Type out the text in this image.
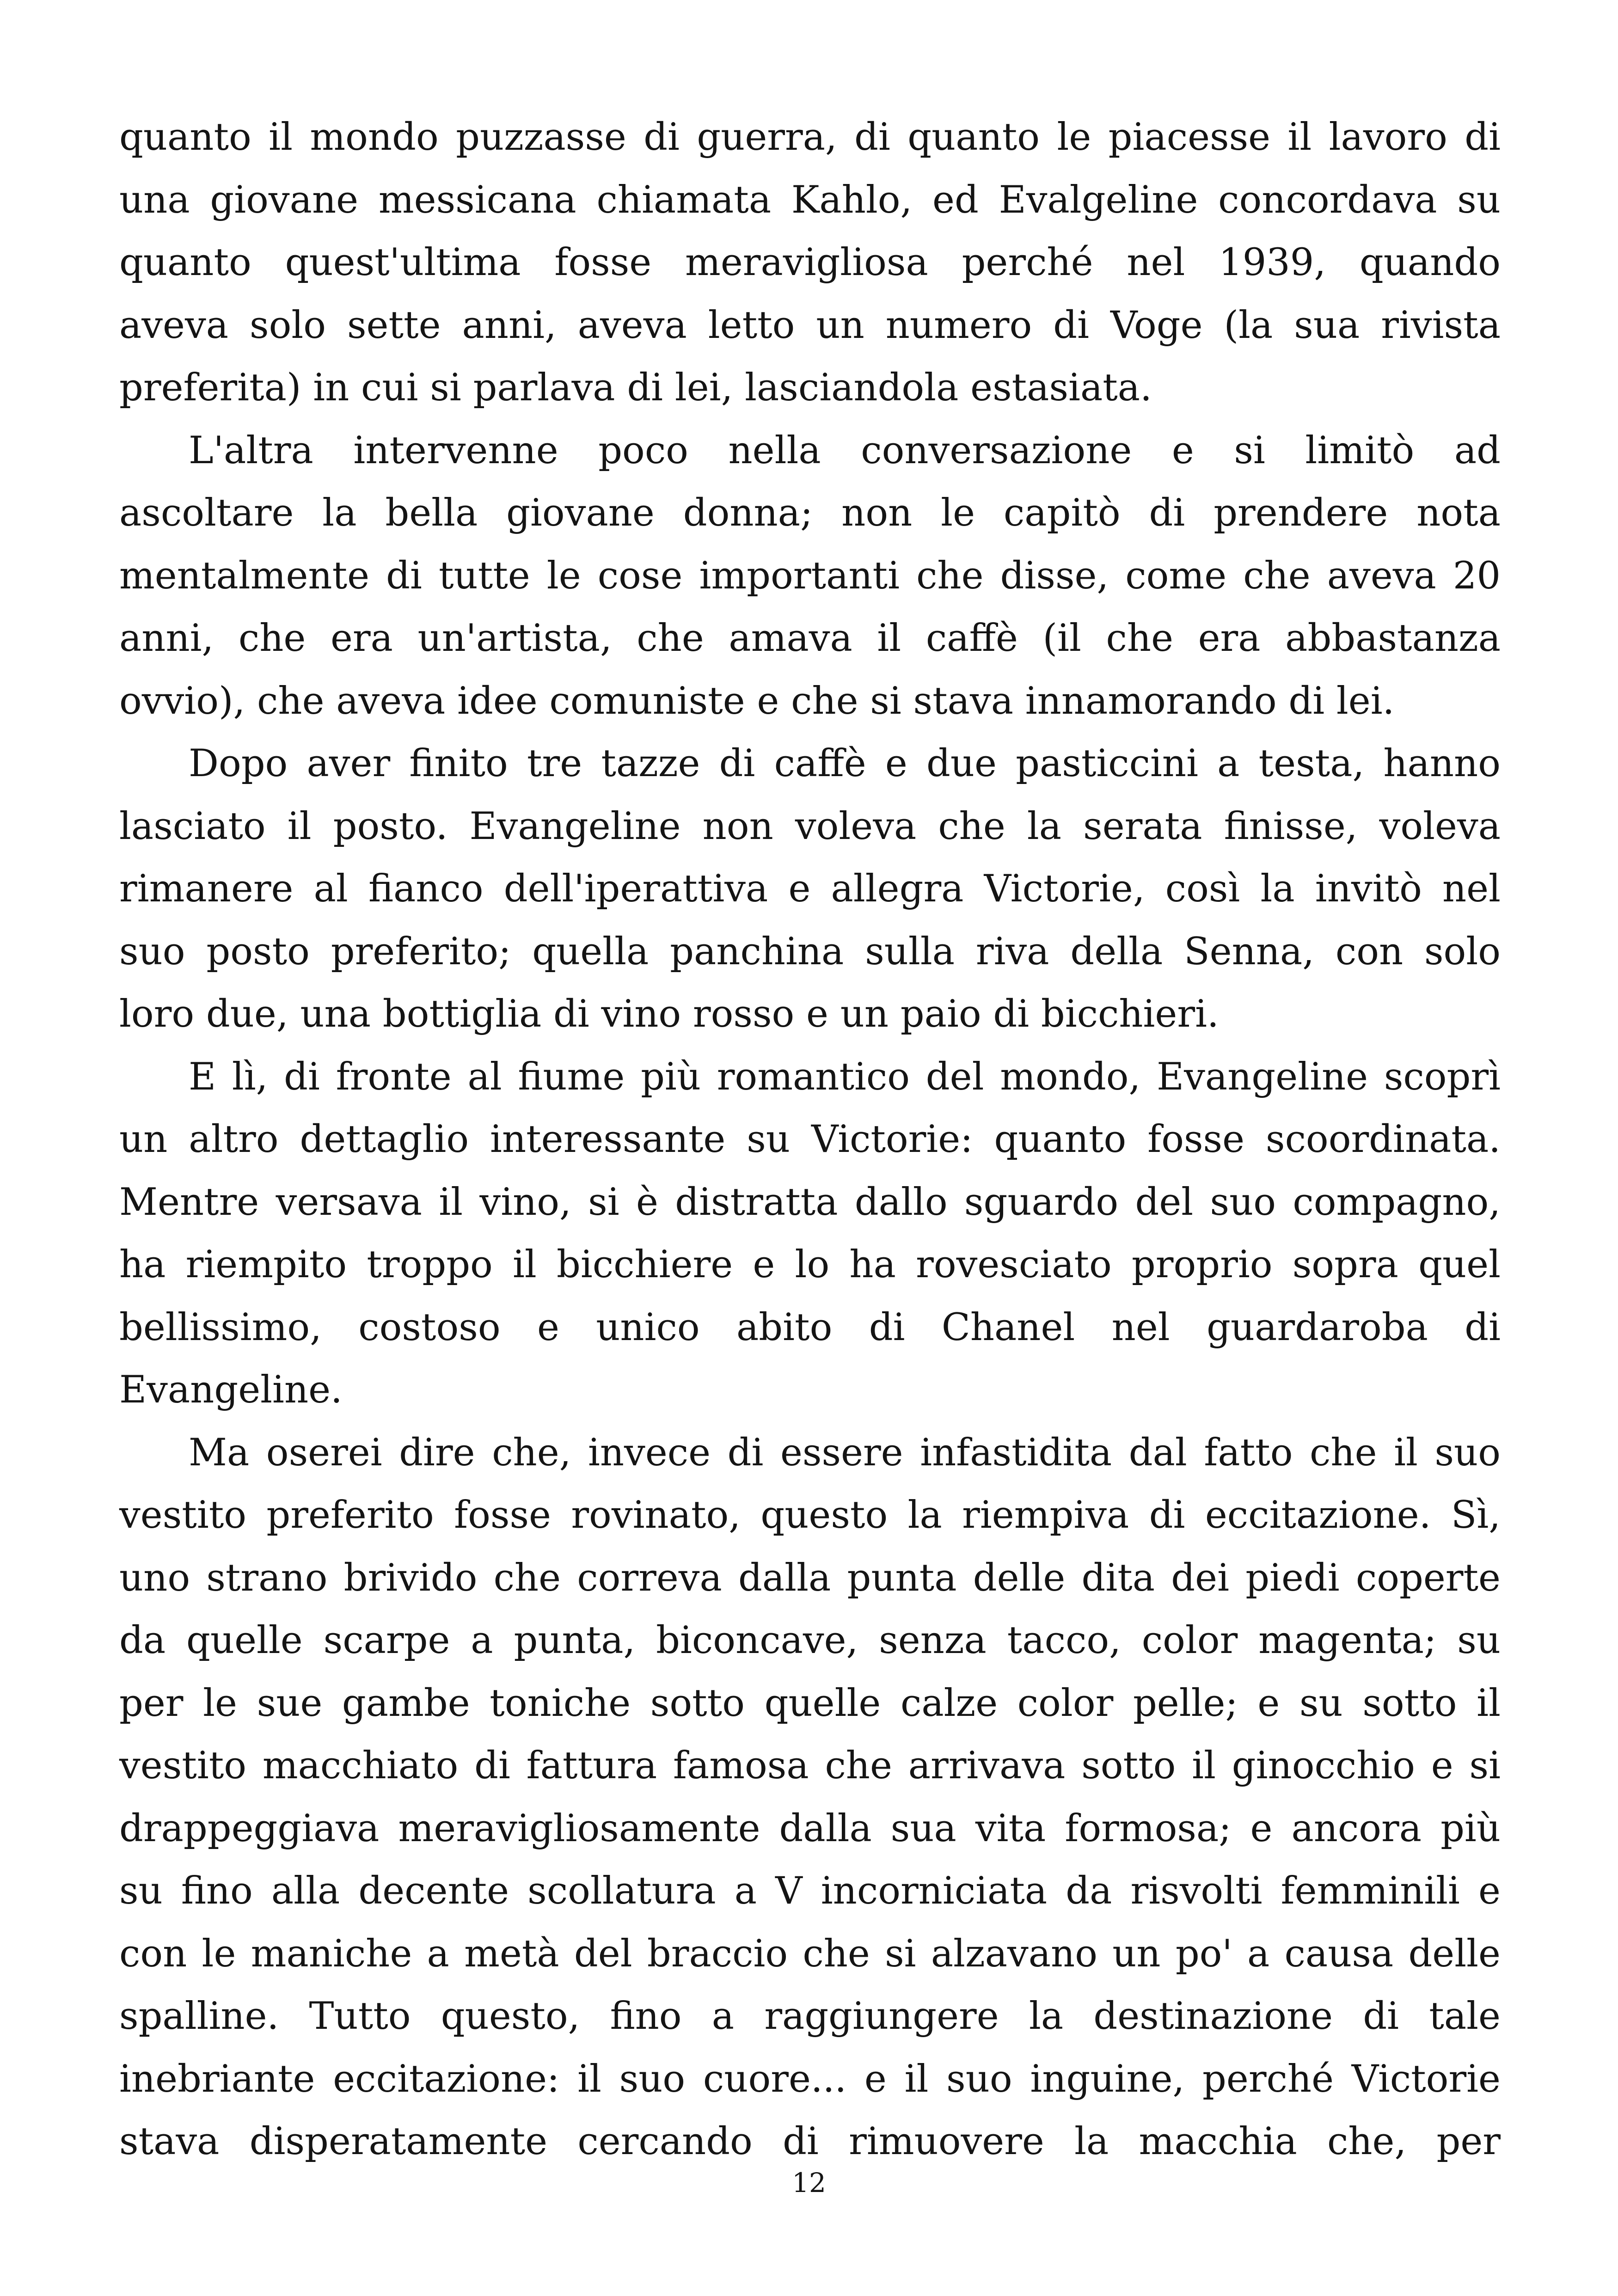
quanto il mondo puzzasse di guerra, di quanto le piacesse il lavoro di
una giovane messicana chiamata Kahlo, ed Evalgeline concordava su
quanto quest'ultima fosse meravigliosa perché nel 1939, quando
aveva solo sette anni, aveva letto un numero di Voge (la sua rivista
preferita) in cui si parlava di lei, lasciandola estasiata.
L'altra intervenne poco nella conversazione e si limitò ad
ascoltare la bella giovane donna; non le capitò di prendere nota
mentalmente di tutte le cose importanti che disse, come che aveva 20
anni, che era un'artista, che amava il caffè (il che era abbastanza
ovvio), che aveva idee comuniste e che si stava innamorando di lei.
Dopo aver finito tre tazze di caffè e due pasticcini a testa, hanno
lasciato il posto. Evangeline non voleva che la serata finisse, voleva
rimanere al fianco dell'iperattiva e allegra Victorie, così la invitò nel
suo posto preferito; quella panchina sulla riva della Senna, con solo
loro due, una bottiglia di vino rosso e un paio di bicchieri.
E lì, di fronte al fiume più romantico del mondo, Evangeline scoprì
un altro dettaglio interessante su Victorie: quanto fosse scoordinata.
Mentre versava il vino, si è distratta dallo sguardo del suo compagno,
ha riempito troppo il bicchiere e lo ha rovesciato proprio sopra quel
bellissimo, costoso e unico abito di Chanel nel guardaroba di
Evangeline.
Ma oserei dire che, invece di essere infastidita dal fatto che il suo
vestito preferito fosse rovinato, questo la riempiva di eccitazione. Sì,
uno strano brivido che correva dalla punta delle dita dei piedi coperte
da quelle scarpe a punta, biconcave, senza tacco, color magenta; su
per le sue gambe toniche sotto quelle calze color pelle; e su sotto il
vestito macchiato di fattura famosa che arrivava sotto il ginocchio e si
drappeggiava meravigliosamente dalla sua vita formosa; e ancora più
su fino alla decente scollatura a V incorniciata da risvolti femminili e
con le maniche a metà del braccio che si alzavano un po' a causa delle
spalline. Tutto questo, fino a raggiungere la destinazione di tale
inebriante eccitazione: il suo cuore... e il suo inguine, perché Victorie
stava disperatamente cercando di rimuovere la macchia che, per
12
